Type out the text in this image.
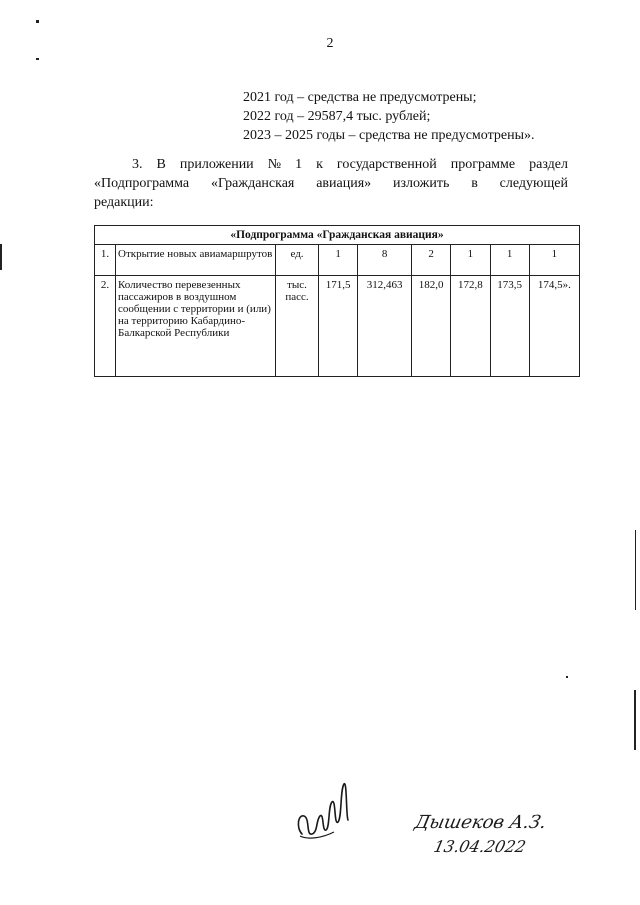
2
2021 год – средства не предусмотрены;
2022 год – 29587,4 тыс. рублей;
2023 – 2025 годы – средства не предусмотрены».
3. В приложении № 1 к государственной программе раздел
«Подпрограмма «Гражданская авиация» изложить в следующей
редакции:
«Подпрограмма «Гражданская авиация»								
1.	Открытие новых авиамаршрутов	ед.	1	8	2	1	1	1
2.	Количество перевезенных пассажиров в воздушном сообщении с территории и (или) на территорию Кабардино-Балкарской Республики	тыс. пасс.	171,5	312,463	182,0	172,8	173,5	174,5».
Дышеков А.З.
13.04.2022
